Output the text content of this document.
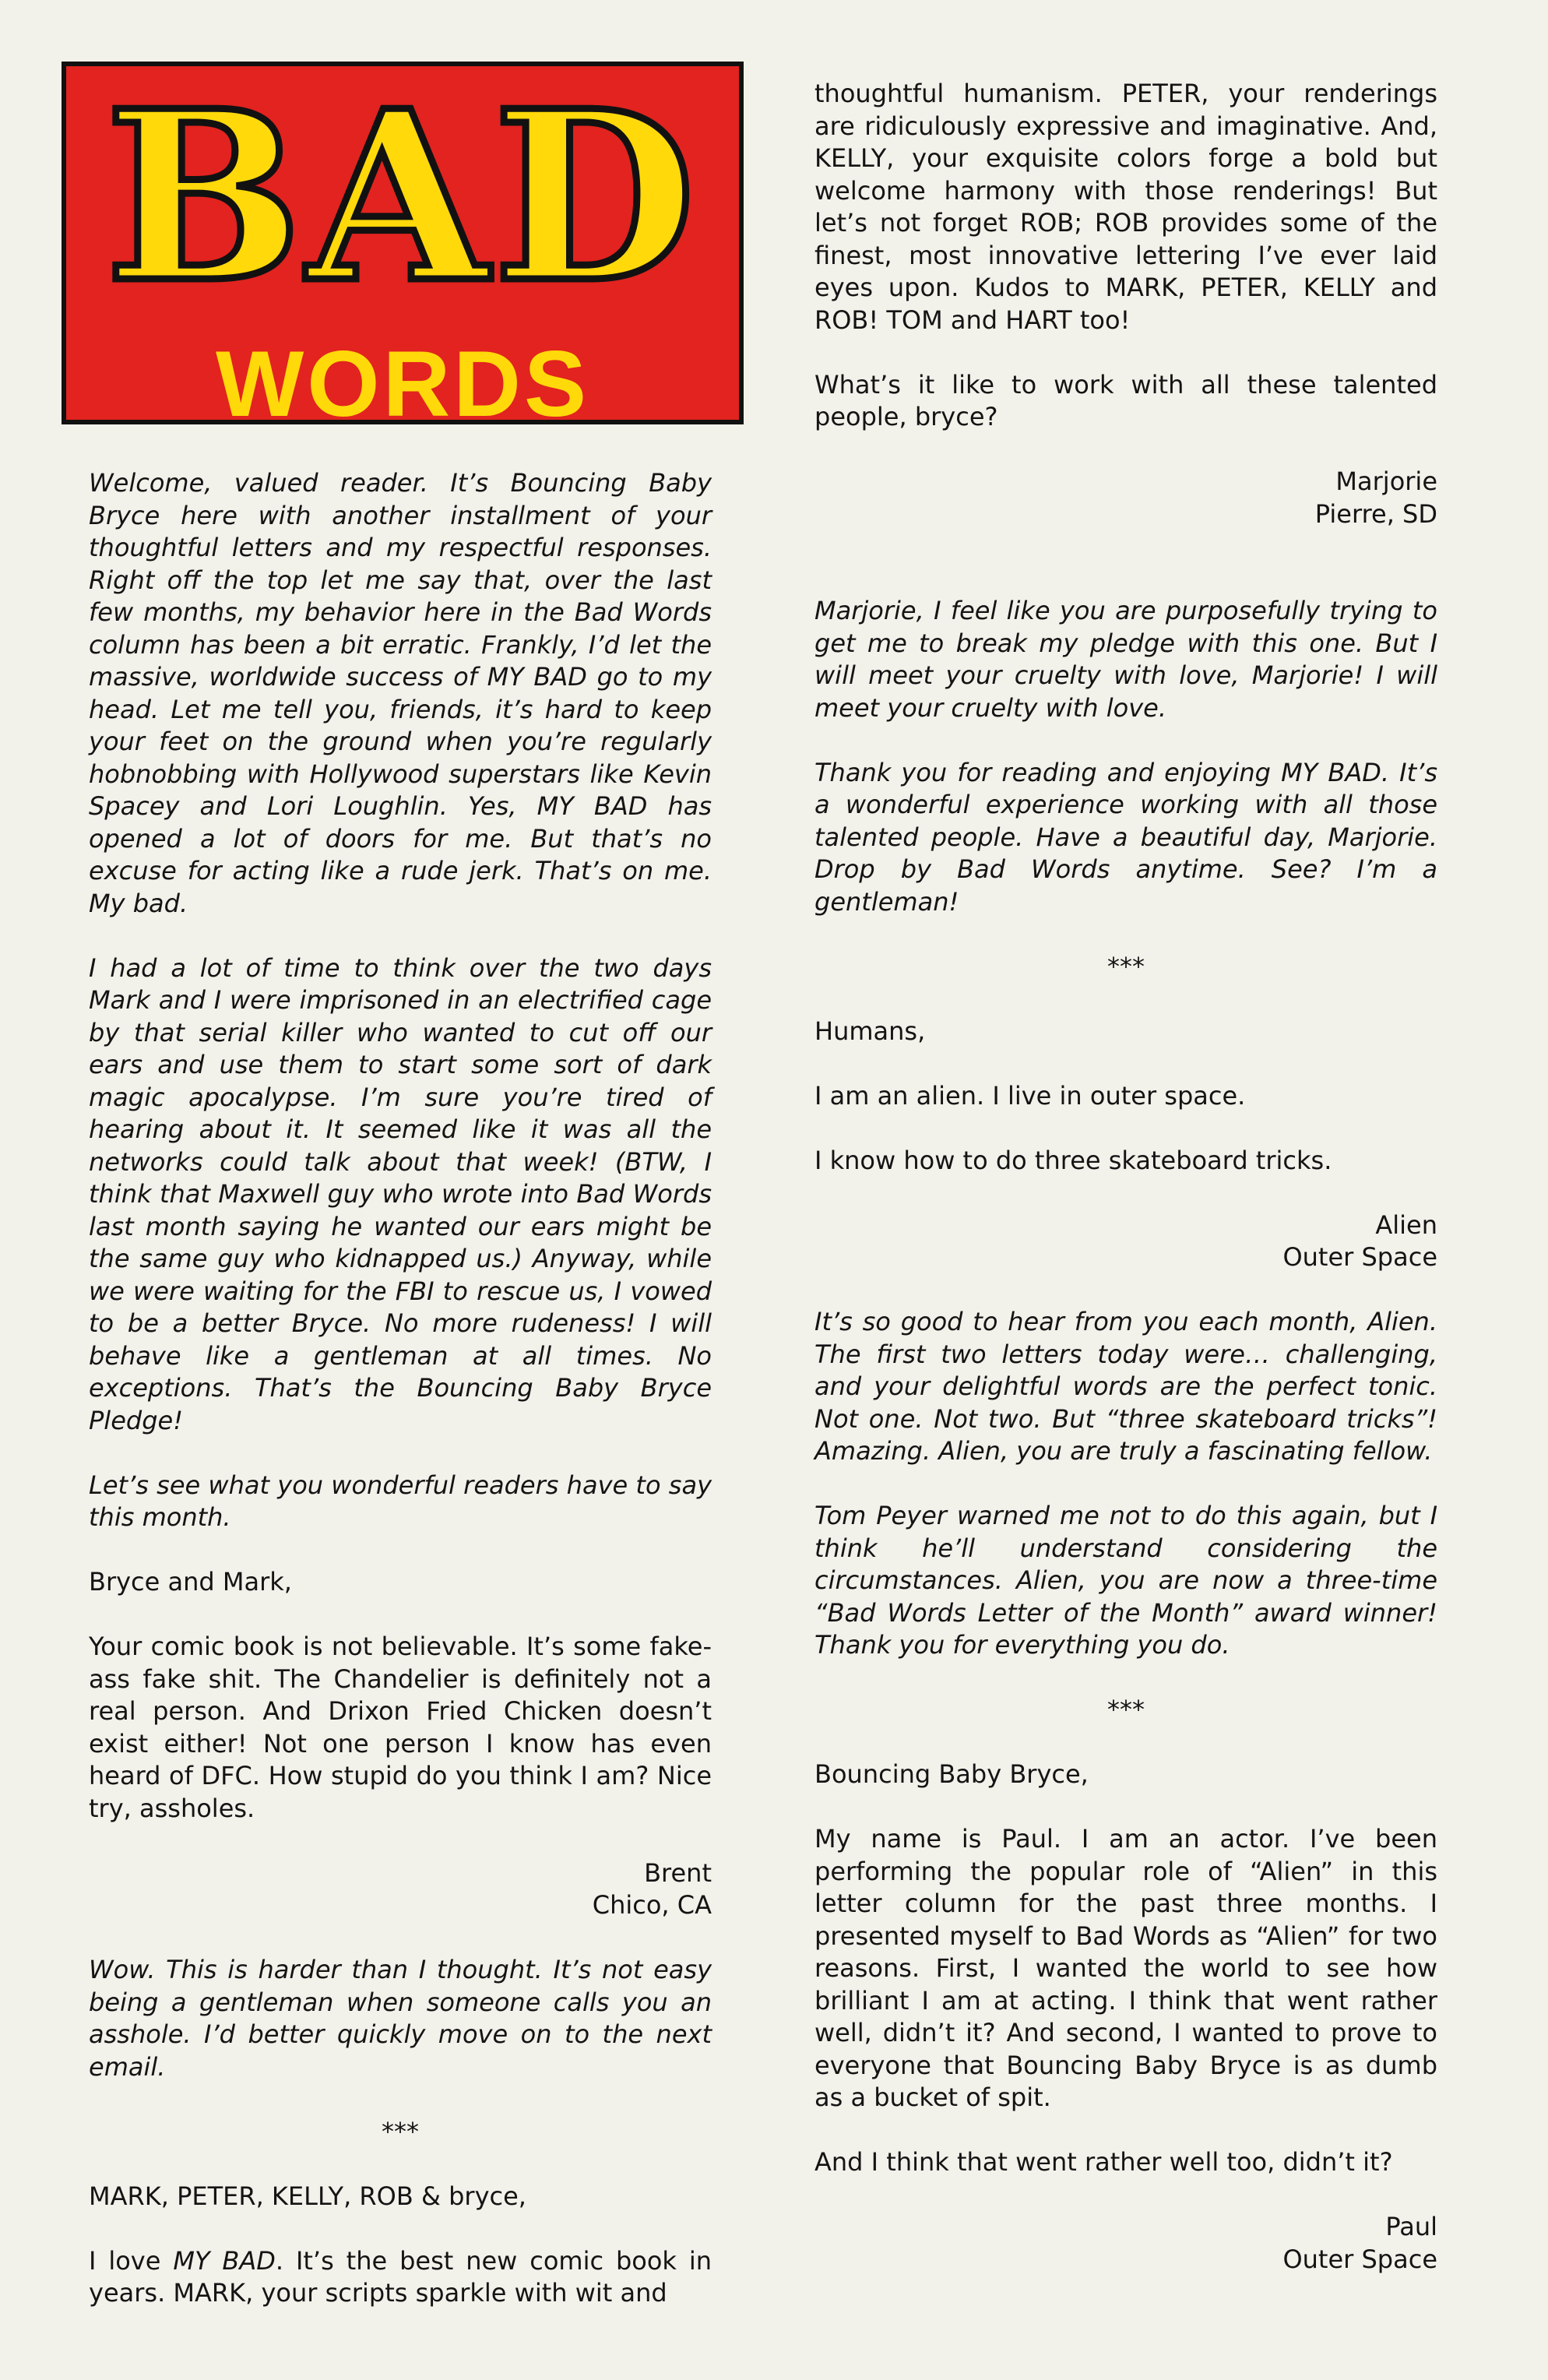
BAD
WORDS

Welcome, valued reader. It’s Bouncing Baby Bryce here with another installment of your thoughtful letters and my respectful responses. Right off the top let me say that, over the last few months, my behavior here in the Bad Words column has been a bit erratic. Frankly, I’d let the massive, worldwide success of MY BAD go to my head. Let me tell you, friends, it’s hard to keep your feet on the ground when you’re regularly hobnobbing with Hollywood superstars like Kevin Spacey and Lori Loughlin. Yes, MY BAD has opened a lot of doors for me. But that’s no excuse for acting like a rude jerk. That’s on me. My bad.

I had a lot of time to think over the two days Mark and I were imprisoned in an electrified cage by that serial killer who wanted to cut off our ears and use them to start some sort of dark magic apocalypse. I’m sure you’re tired of hearing about it. It seemed like it was all the networks could talk about that week! (BTW, I think that Maxwell guy who wrote into Bad Words last month saying he wanted our ears might be the same guy who kidnapped us.) Anyway, while we were waiting for the FBI to rescue us, I vowed to be a better Bryce. No more rudeness! I will behave like a gentleman at all times. No exceptions. That’s the Bouncing Baby Bryce Pledge!

Let’s see what you wonderful readers have to say this month.

Bryce and Mark,

Your comic book is not believable. It’s some fake-ass fake shit. The Chandelier is definitely not a real person. And Drixon Fried Chicken doesn’t exist either! Not one person I know has even heard of DFC. How stupid do you think I am? Nice try, assholes.

Brent

Chico, CA

Wow. This is harder than I thought. It’s not easy being a gentleman when someone calls you an asshole. I’d better quickly move on to the next email.

***

MARK, PETER, KELLY, ROB & bryce,

I love MY BAD. It’s the best new comic book in years. MARK, your scripts sparkle with wit and

thoughtful humanism. PETER, your renderings are ridiculously expressive and imaginative. And, KELLY, your exquisite colors forge a bold but welcome harmony with those renderings! But let’s not forget ROB; ROB provides some of the finest, most innovative lettering I’ve ever laid eyes upon. Kudos to MARK, PETER, KELLY and ROB! TOM and HART too!

What’s it like to work with all these talented people, bryce?

Marjorie

Pierre, SD

Marjorie, I feel like you are purposefully trying to get me to break my pledge with this one. But I will meet your cruelty with love, Marjorie! I will meet your cruelty with love.

Thank you for reading and enjoying MY BAD. It’s a wonderful experience working with all those talented people. Have a beautiful day, Marjorie. Drop by Bad Words anytime. See? I’m a gentleman!

***

Humans,

I am an alien. I live in outer space.

I know how to do three skateboard tricks.

Alien

Outer Space

It’s so good to hear from you each month, Alien. The first two letters today were… challenging, and your delightful words are the perfect tonic. Not one. Not two. But “three skateboard tricks”! Amazing. Alien, you are truly a fascinating fellow.

Tom Peyer warned me not to do this again, but I think he’ll understand considering the circumstances. Alien, you are now a three-time “Bad Words Letter of the Month” award winner! Thank you for everything you do.

***

Bouncing Baby Bryce,

My name is Paul. I am an actor. I’ve been performing the popular role of “Alien” in this letter column for the past three months. I presented myself to Bad Words as “Alien” for two reasons. First, I wanted the world to see how brilliant I am at acting. I think that went rather well, didn’t it? And second, I wanted to prove to everyone that Bouncing Baby Bryce is as dumb as a bucket of spit.

And I think that went rather well too, didn’t it?

Paul

Outer Space
